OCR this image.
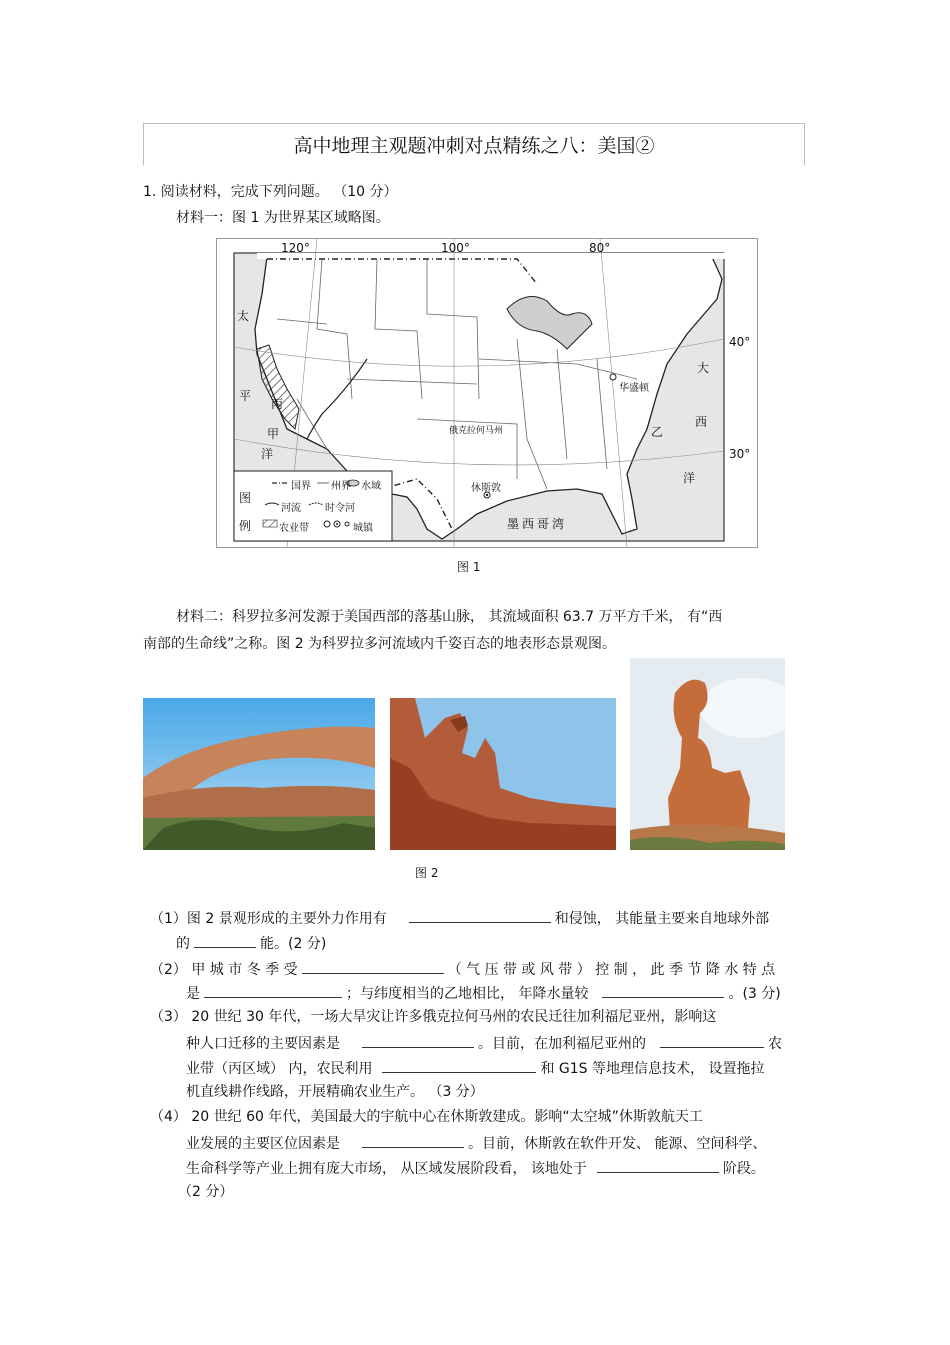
高中地理主观题冲刺对点精练之八：美国②
1. 阅读材料，完成下列问题。 （10 分）
材料一：图 1 为世界某区域略图。
120°	100°	80°
40°
30°
太
平
洋
大
西
洋
甲
丙
乙
华盛顿
休斯敦
俄克拉何马州
墨西哥湾
图
例
国界 州界 水域
河流 时令河
农业带	城镇
图 1
材料二：科罗拉多河发源于美国西部的落基山脉， 其流域面积 63.7 万平方千米， 有“西
南部的生命线”之称。图 2 为科罗拉多河流域内千姿百态的地表形态景观图。
图 2
（1）图 2 景观形成的主要外力作用有	和侵蚀， 其能量主要来自地球外部
的	能。(2 分)
（2） 甲 城 市 冬 季 受	（ 气 压 带 或 风 带 ） 控 制 ， 此 季 节 降 水 特 点
是	；与纬度相当的乙地相比， 年降水量较	。(3 分)
（3） 20 世纪 30 年代，一场大旱灾让许多俄克拉何马州的农民迁往加利福尼亚州，影响这
种人口迁移的主要因素是	。目前，在加利福尼亚州的	农
业带（丙区域） 内，农民利用	和 G1S 等地理信息技术， 设置拖拉
机直线耕作线路，开展精确农业生产。 （3 分）
（4） 20 世纪 60 年代，美国最大的宇航中心在休斯敦建成。影响“太空城”休斯敦航天工
业发展的主要区位因素是	。目前，休斯敦在软件开发、 能源、空间科学、
生命科学等产业上拥有庞大市场， 从区域发展阶段看， 该地处于	阶段。
（2 分）
